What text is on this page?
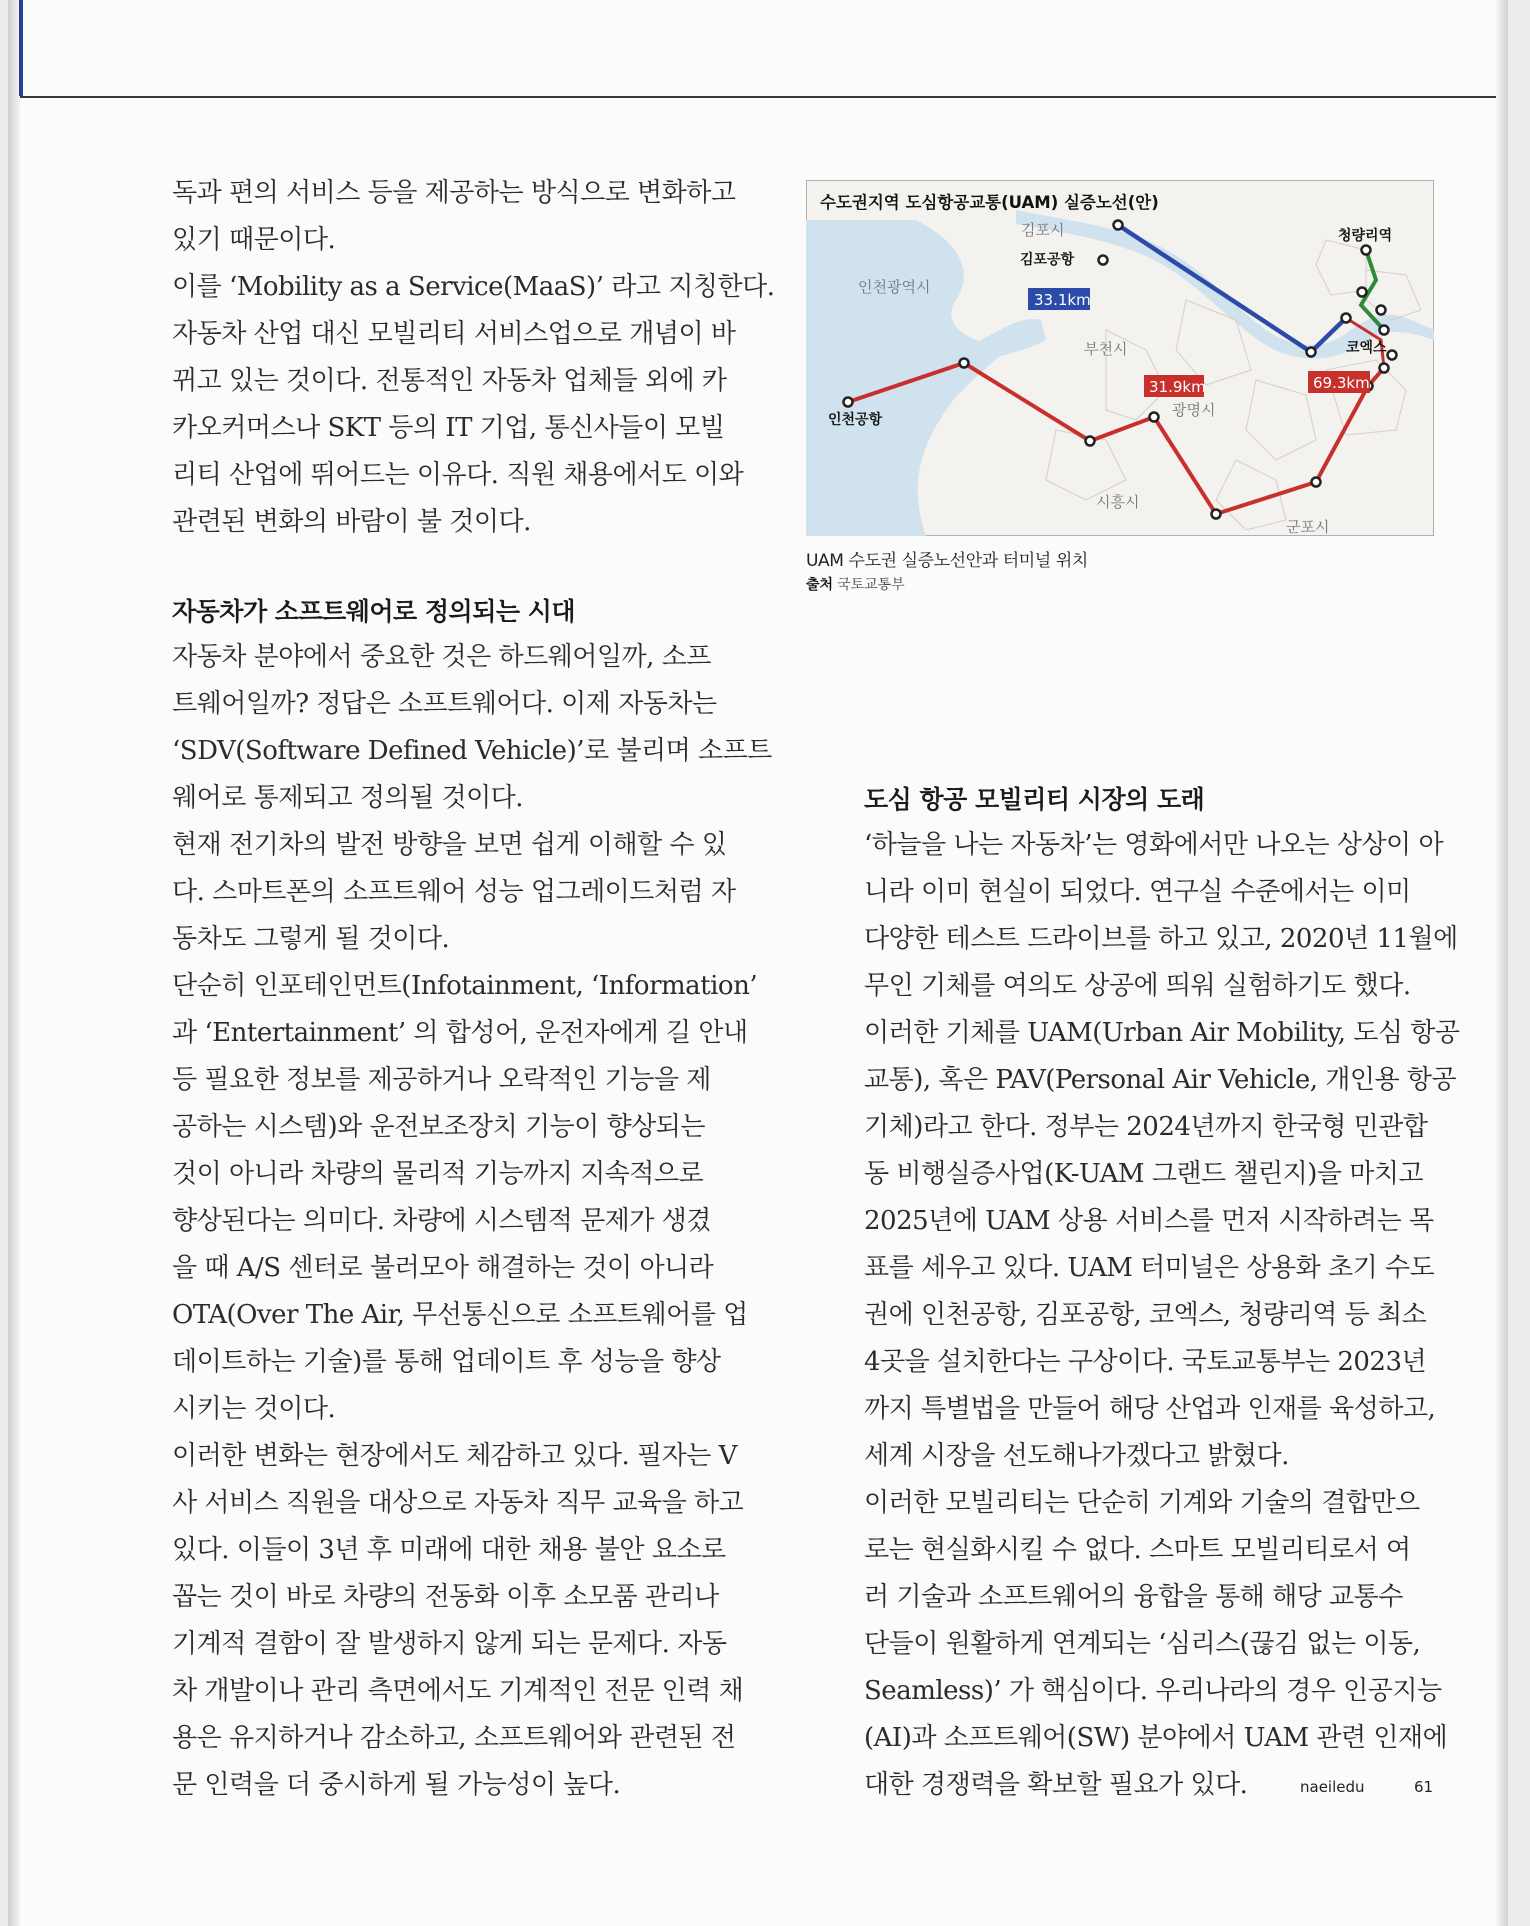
독과 편의 서비스 등을 제공하는 방식으로 변화하고

있기 때문이다.

이를 ‘Mobility as a Service(MaaS)’ 라고 지칭한다.

자동차 산업 대신 모빌리티 서비스업으로 개념이 바

뀌고 있는 것이다. 전통적인 자동차 업체들 외에 카

카오커머스나 SKT 등의 IT 기업, 통신사들이 모빌

리티 산업에 뛰어드는 이유다. 직원 채용에서도 이와

관련된 변화의 바람이 불 것이다.

자동차가 소프트웨어로 정의되는 시대

자동차 분야에서 중요한 것은 하드웨어일까, 소프

트웨어일까? 정답은 소프트웨어다. 이제 자동차는

‘SDV(Software Defined Vehicle)’로 불리며 소프트

웨어로 통제되고 정의될 것이다.

현재 전기차의 발전 방향을 보면 쉽게 이해할 수 있

다. 스마트폰의 소프트웨어 성능 업그레이드처럼 자

동차도 그렇게 될 것이다.

단순히 인포테인먼트(Infotainment, ‘Information’

과 ‘Entertainment’ 의 합성어, 운전자에게 길 안내

등 필요한 정보를 제공하거나 오락적인 기능을 제

공하는 시스템)와 운전보조장치 기능이 향상되는

것이 아니라 차량의 물리적 기능까지 지속적으로

향상된다는 의미다. 차량에 시스템적 문제가 생겼

을 때 A/S 센터로 불러모아 해결하는 것이 아니라

OTA(Over The Air, 무선통신으로 소프트웨어를 업

데이트하는 기술)를 통해 업데이트 후 성능을 향상

시키는 것이다.

이러한 변화는 현장에서도 체감하고 있다. 필자는 V

사 서비스 직원을 대상으로 자동차 직무 교육을 하고

있다. 이들이 3년 후 미래에 대한 채용 불안 요소로

꼽는 것이 바로 차량의 전동화 이후 소모품 관리나

기계적 결함이 잘 발생하지 않게 되는 문제다. 자동

차 개발이나 관리 측면에서도 기계적인 전문 인력 채

용은 유지하거나 감소하고, 소프트웨어와 관련된 전

문 인력을 더 중시하게 될 가능성이 높다.

수도권지역 도심항공교통(UAM) 실증노선(안)
김포시
인천광역시
부천시
광명시
시흥시
군포시
김포공항
청량리역
코엑스
인천공항
33.1km
31.9km	69.3km
UAM 수도권 실증노선안과 터미널 위치
출처 국토교통부
도심 항공 모빌리티 시장의 도래

‘하늘을 나는 자동차’는 영화에서만 나오는 상상이 아

니라 이미 현실이 되었다. 연구실 수준에서는 이미

다양한 테스트 드라이브를 하고 있고, 2020년 11월에

무인 기체를 여의도 상공에 띄워 실험하기도 했다.

이러한 기체를 UAM(Urban Air Mobility, 도심 항공

교통), 혹은 PAV(Personal Air Vehicle, 개인용 항공

기체)라고 한다. 정부는 2024년까지 한국형 민관합

동 비행실증사업(K-UAM 그랜드 챌린지)을 마치고

2025년에 UAM 상용 서비스를 먼저 시작하려는 목

표를 세우고 있다. UAM 터미널은 상용화 초기 수도

권에 인천공항, 김포공항, 코엑스, 청량리역 등 최소

4곳을 설치한다는 구상이다. 국토교통부는 2023년

까지 특별법을 만들어 해당 산업과 인재를 육성하고,

세계 시장을 선도해나가겠다고 밝혔다.

이러한 모빌리티는 단순히 기계와 기술의 결합만으

로는 현실화시킬 수 없다. 스마트 모빌리티로서 여

러 기술과 소프트웨어의 융합을 통해 해당 교통수

단들이 원활하게 연계되는 ‘심리스(끊김 없는 이동,

Seamless)’ 가 핵심이다. 우리나라의 경우 인공지능

(AI)과 소프트웨어(SW) 분야에서 UAM 관련 인재에

대한 경쟁력을 확보할 필요가 있다.	naeiledu	61
